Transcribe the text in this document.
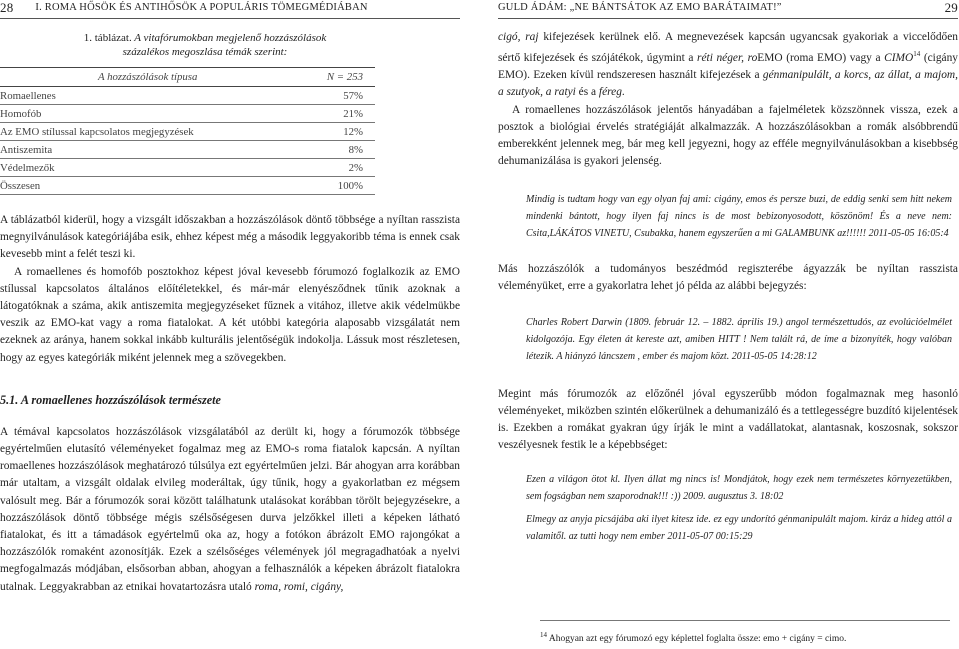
28 I. ROMA HŐSÖK ÉS ANTIHŐSÖK A POPULÁRIS TÖMEGMÉDIÁBAN
1. táblázat. A vitafórumokban megjelenő hozzászólások
százalékos megoszlása témák szerint:
A hozzászólások típusa	N = 253
Romaellenes	57%
Homofób	21%
Az EMO stílussal kapcsolatos megjegyzések	12%
Antiszemita	8%
Védelmezők	2%
Összesen	100%

A táblázatból kiderül, hogy a vizsgált időszakban a hozzászólások döntő többsége a nyíltan rasszista megnyilvánulások kategóriájába esik, ehhez képest még a második leggyakoribb téma is ennek csak kevesebb mint a felét teszi ki.

A romaellenes és homofób posztokhoz képest jóval kevesebb fórumozó foglalkozik az EMO stílussal kapcsolatos általános előítéletekkel, és már-már elenyésződnek tűnik azoknak a látogatóknak a száma, akik antiszemita megjegyzéseket fűznek a vitához, illetve akik védelmükbe veszik az EMO-kat vagy a roma fiatalokat. A két utóbbi kategória alaposabb vizsgálatát nem ezeknek az aránya, hanem sokkal inkább kulturális jelentőségük indokolja. Lássuk most részletesen, hogy az egyes kategóriák miként jelennek meg a szövegekben.

5.1. A romaellenes hozzászólások természete

A témával kapcsolatos hozzászólások vizsgálatából az derült ki, hogy a fórumozók többsége egyértelműen elutasító véleményeket fogalmaz meg az EMO-s roma fiatalok kapcsán. A nyíltan romaellenes hozzászólások meghatározó túlsúlya ezt egyértelműen jelzi. Bár ahogyan arra korábban már utaltam, a vizsgált oldalak elvileg moderáltak, úgy tűnik, hogy a gyakorlatban ez mégsem valósult meg. Bár a fórumozók sorai között találhatunk utalásokat korábban törölt bejegyzésekre, a hozzászólások döntő többsége mégis szélsőségesen durva jelzőkkel illeti a képeken látható fiatalokat, és itt a támadások egyértelmű oka az, hogy a fotókon ábrázolt EMO rajongókat a hozzászólók romaként azonosítják. Ezek a szélsőséges vélemények jól megragadhatóak a nyelvi megfogalmazás módjában, elsősorban abban, ahogyan a felhasználók a képeken ábrázolt fiatalokra utalnak. Leggyakrabban az etnikai hovatartozásra utaló roma, romi, cigány,

GULD ÁDÁM: „NE BÁNTSÁTOK AZ EMO BARÁTAIMAT!”	29

cigó, raj kifejezések kerülnek elő. A megnevezések kapcsán ugyancsak gyakoriak a viccelődően sértő kifejezések és szójátékok, úgymint a réti néger, roEMO (roma EMO) vagy a CIMO$^{14}$ (cigány EMO). Ezeken kívül rendszeresen használt kifejezések a génmanipulált, a korcs, az állat, a majom, a szutyok, a ratyi és a féreg.

A romaellenes hozzászólások jelentős hányadában a fajelméletek közszönnek vissza, ezek a posztok a biológiai érvelés stratégiáját alkalmazzák. A hozzászólásokban a romák alsóbbrendű emberekként jelennek meg, bár meg kell jegyezni, hogy az efféle megnyilvánulásokban a kisebbség dehumanizálása is gyakori jelenség.

Mindig is tudtam hogy van egy olyan faj ami: cigány, emos és persze buzi, de eddig senki sem hitt nekem mindenki bántott, hogy ilyen faj nincs is de most bebizonyosodott, köszönöm! És a neve nem: Csita,LÁKÁTOS VINETU, Csubakka, hanem egyszerűen a mi GALAMBUNK az!!!!!! 2011-05-05 16:05:4

Más hozzászólók a tudományos beszédmód regiszterébe ágyazzák be nyíltan rasszista véleményüket, erre a gyakorlatra lehet jó példa az alábbi bejegyzés:

Charles Robert Darwin (1809. február 12. – 1882. április 19.) angol természettudós, az evolúcióelmélet kidolgozója. Egy életen át kereste azt, amiben HITT ! Nem talált rá, de íme a bizonyíték, hogy valóban létezik. A hiányzó láncszem , ember és majom közt. 2011-05-05 14:28:12

Megint más fórumozók az előzőnél jóval egyszerűbb módon fogalmaznak meg hasonló véleményeket, miközben szintén előkerülnek a dehumanizáló és a tettlegességre buzdító kijelentések is. Ezekben a romákat gyakran úgy írják le mint a vadállatokat, alantasnak, koszosnak, sokszor veszélyesnek festik le a képebbséget:

Ezen a világon ötot kl. Ilyen állat mg nincs is! Mondjátok, hogy ezek nem természetes környezetükben, sem fogságban nem szaporodnak!!! :)) 2009. augusztus 3. 18:02
Elmegy az anyja picsájába aki ilyet kitesz ide. ez egy undorító génmanipulált majom. kiráz a hideg attól a valamitől. az tutti hogy nem ember 2011-05-07 00:15:29
$^{14}$ Ahogyan azt egy fórumozó egy képlettel foglalta össze: emo + cigány = cimo.
